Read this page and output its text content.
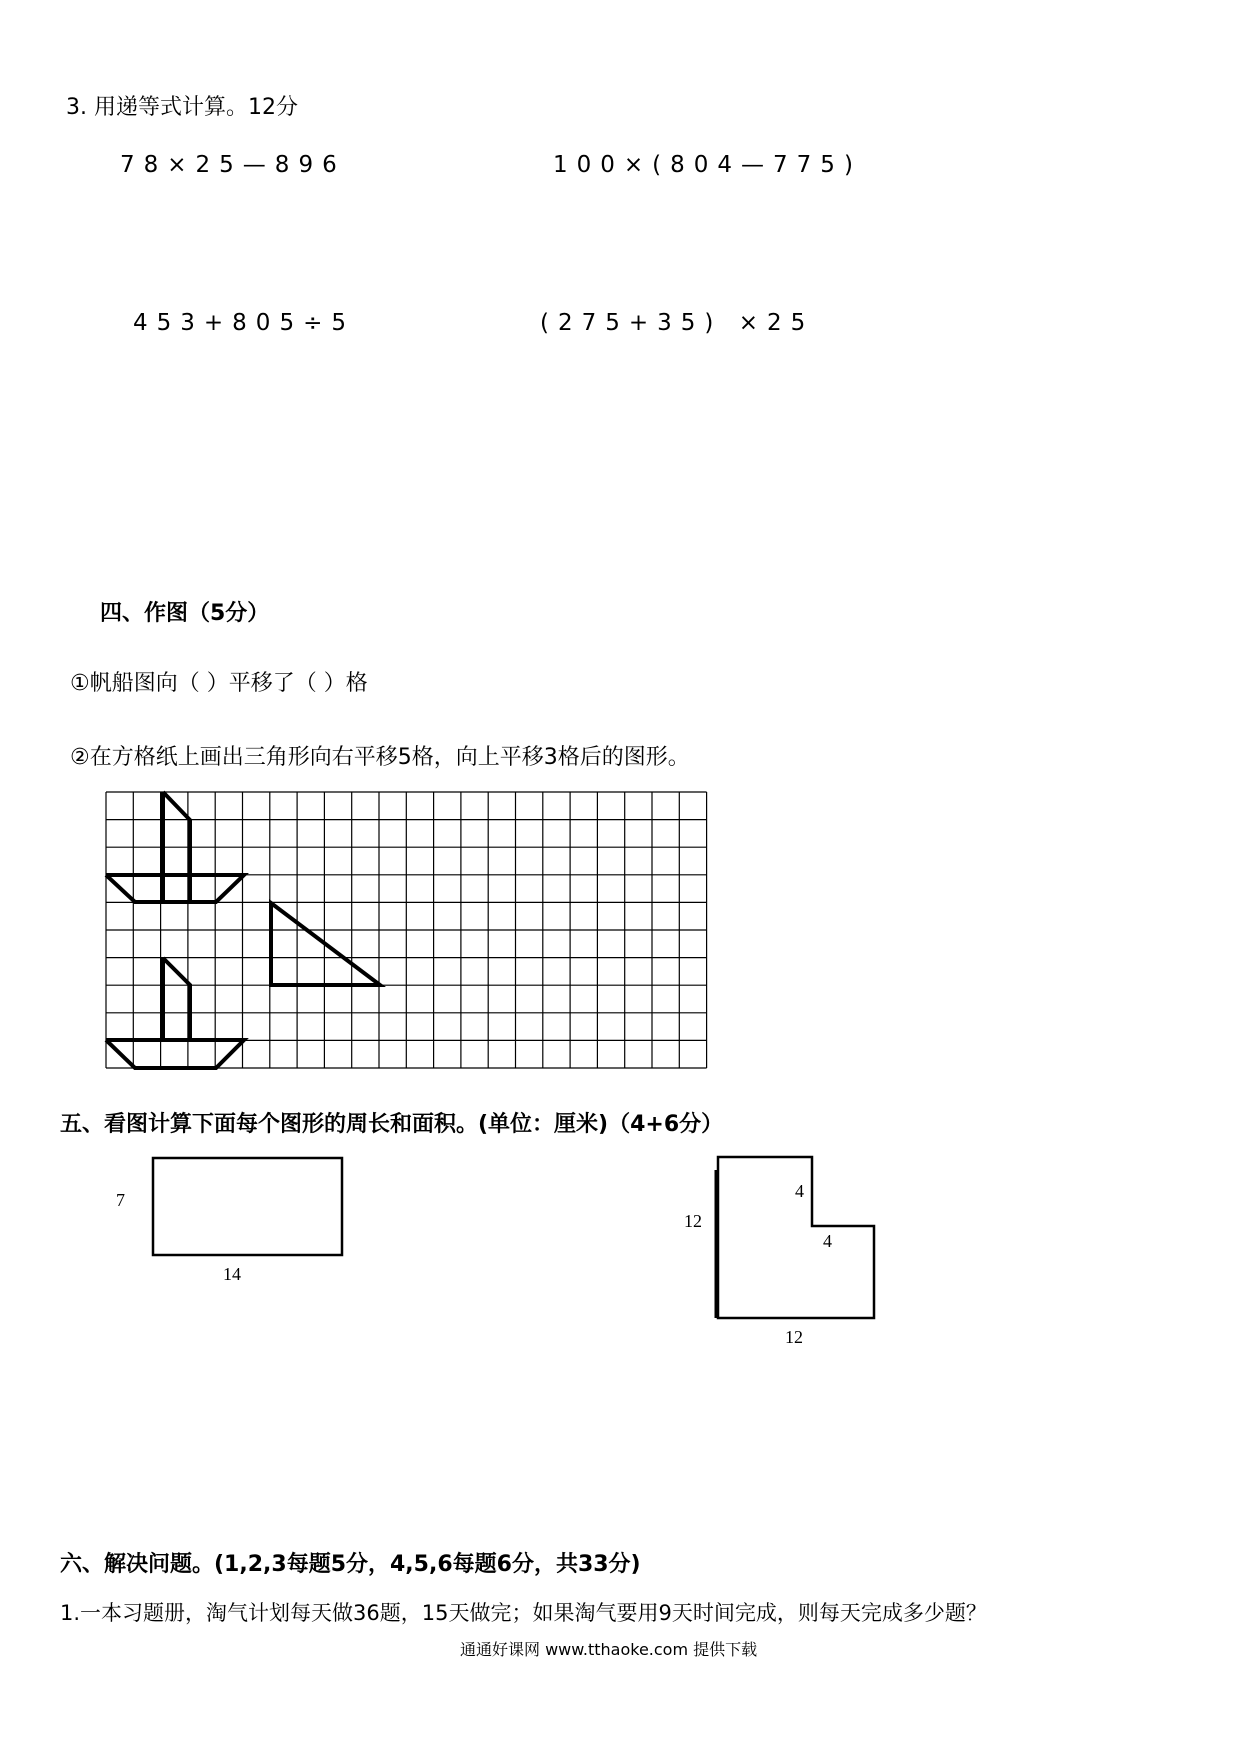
3. 用递等式计算。12分
78×25—896	100×(804—775)
453+805÷5	(275+35) ×25
四、作图（5分）
①帆船图向（ ）平移了（ ）格
②在方格纸上画出三角形向右平移5格，向上平移3格后的图形。
五、看图计算下面每个图形的周长和面积。(单位：厘米)（4+6分）
7
14
12
4
4
12
六、解决问题。(1,2,3每题5分，4,5,6每题6分，共33分)
1.一本习题册，淘气计划每天做36题，15天做完；如果淘气要用9天时间完成，则每天完成多少题？
通通好课网 www.tthaoke.com 提供下载
